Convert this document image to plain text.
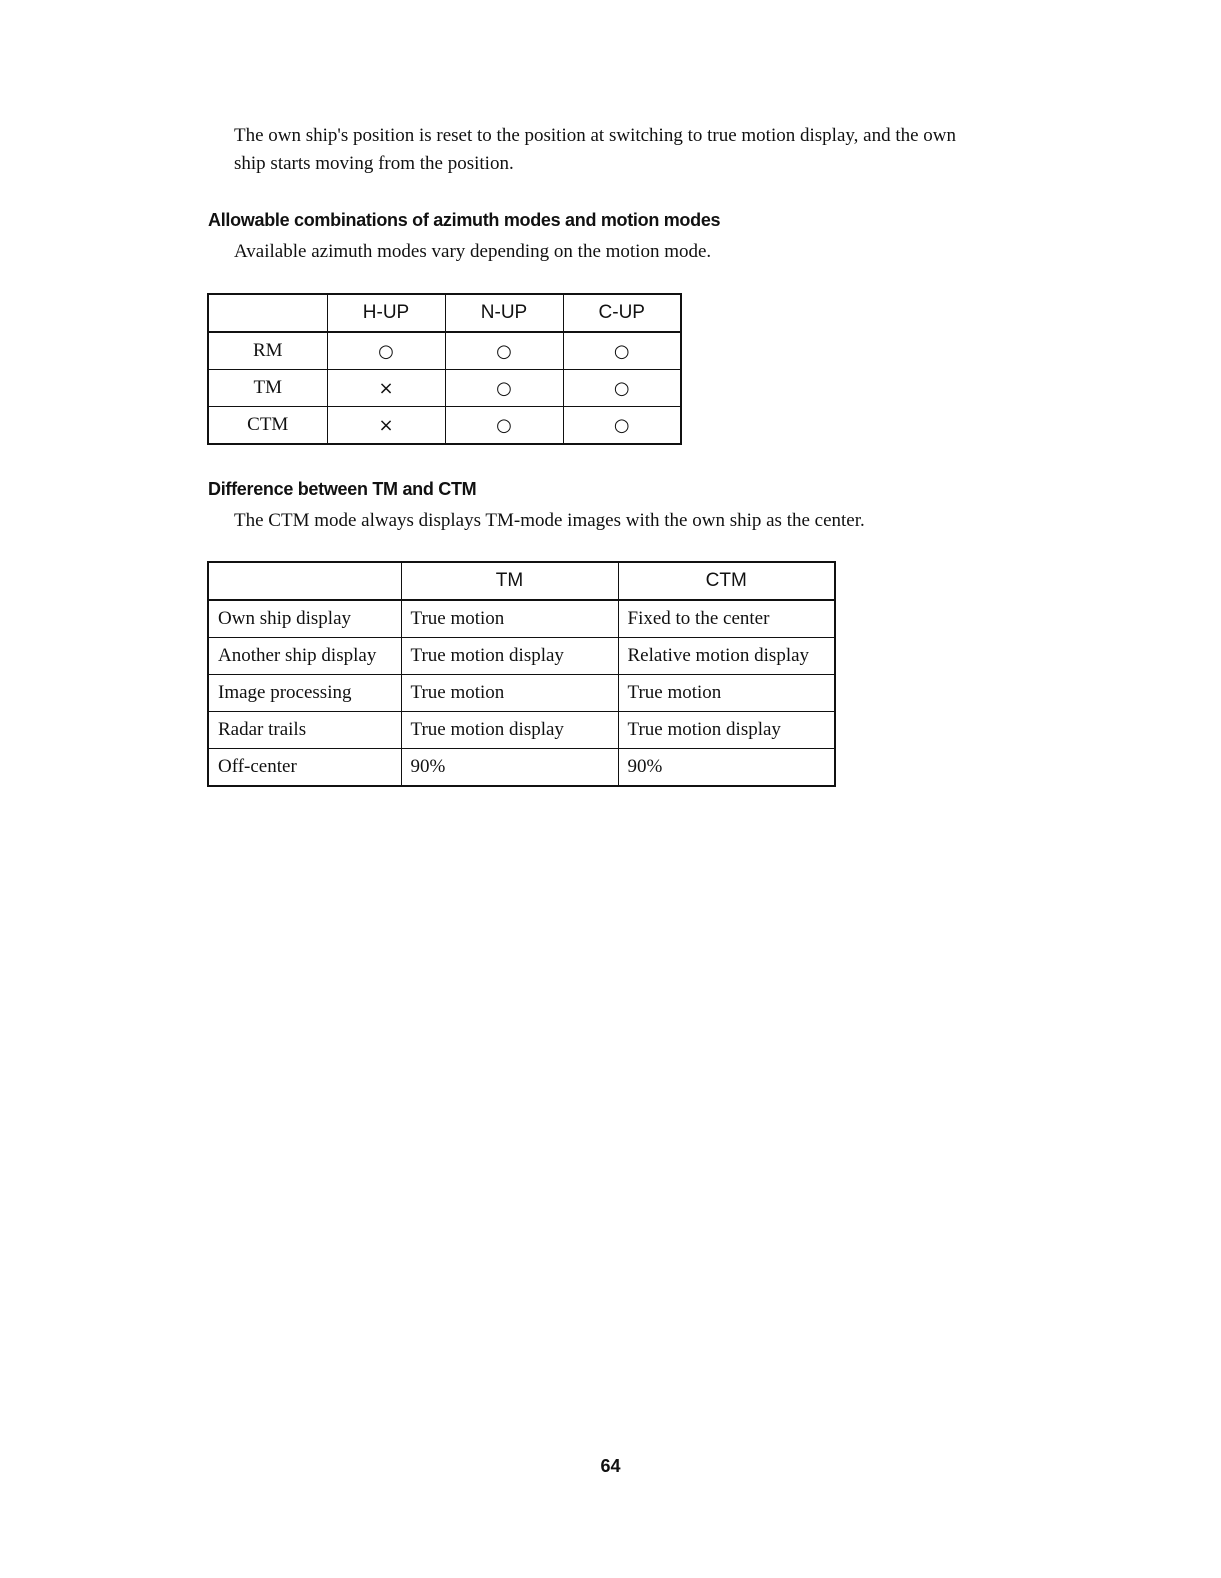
The own ship's position is reset to the position at switching to true motion display, and the own
ship starts moving from the position.
Allowable combinations of azimuth modes and motion modes
Available azimuth modes vary depending on the motion mode.
	H-UP	N-UP	C-UP
RM	○	○	○
TM	×	○	○
CTM	×	○	○
Difference between TM and CTM
The CTM mode always displays TM-mode images with the own ship as the center.
	TM	CTM
Own ship display	True motion	Fixed to the center
Another ship display	True motion display	Relative motion display
Image processing	True motion	True motion
Radar trails	True motion display	True motion display
Off-center	90%	90%
64
